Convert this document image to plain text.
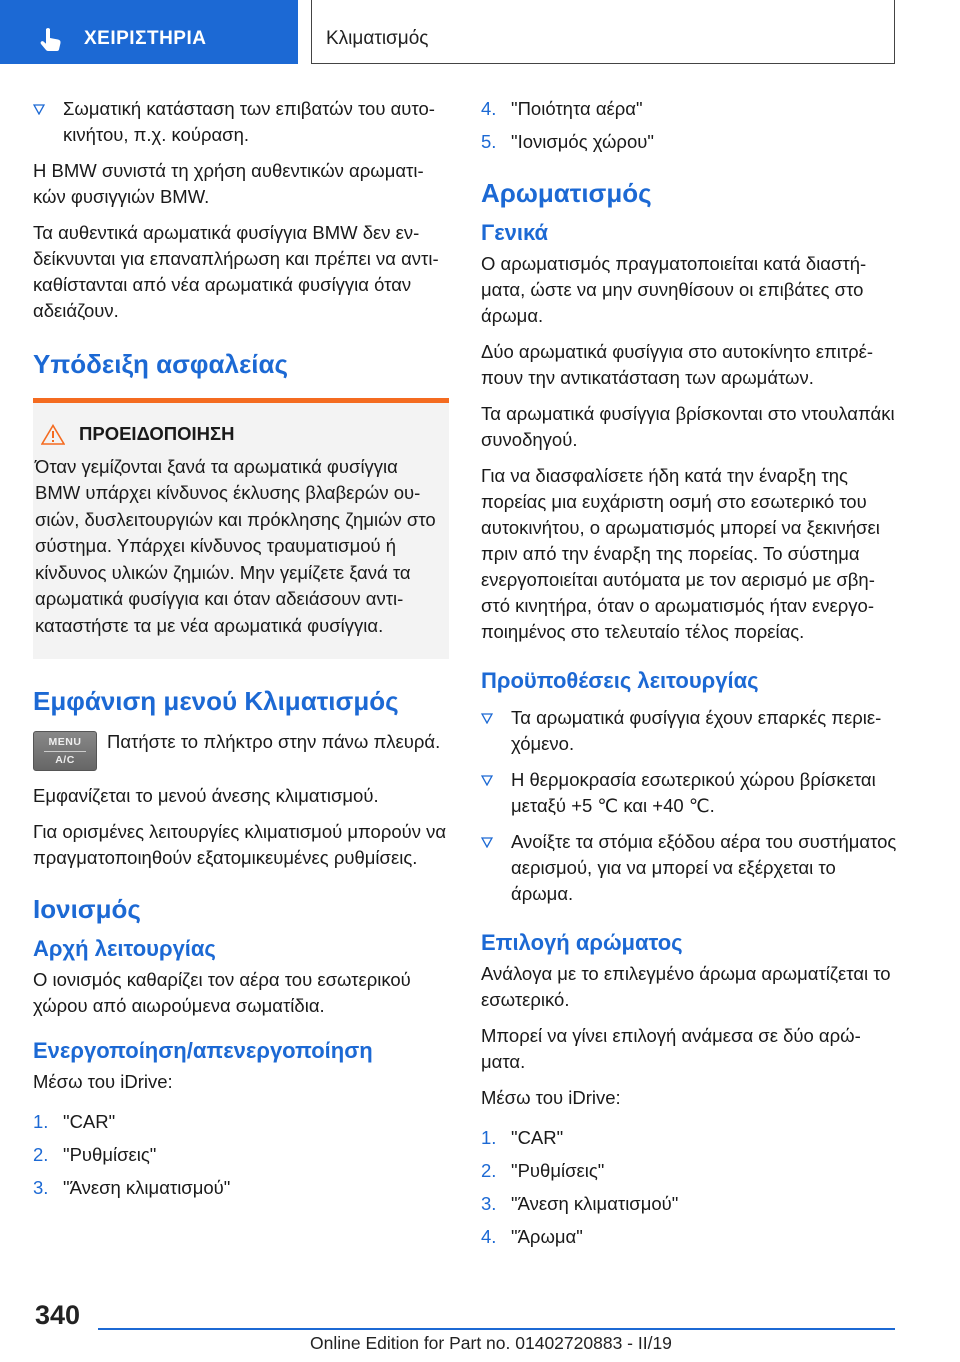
ΧΕΙΡΙΣΤΗΡΙΑ	Κλιματισμός
Σωματική κατάσταση των επιβατών του αυτοκινήτου, π.χ. κούραση.

Η BMW συνιστά τη χρήση αυθεντικών αρωματικών φυσιγγιών BMW.

Τα αυθεντικά αρωματικά φυσίγγια BMW δεν ενδείκνυνται για επαναπλήρωση και πρέπει να αντικαθίστανται από νέα αρωματικά φυσίγγια όταν αδειάζουν.

Υπόδειξη ασφαλείας
ΠΡΟΕΙΔΟΠΟΙΗΣΗ
Όταν γεμίζονται ξανά τα αρωματικά φυσίγγια BMW υπάρχει κίνδυνος έκλυσης βλαβερών ουσιών, δυσλειτουργιών και πρόκλησης ζημιών στο σύστημα. Υπάρχει κίνδυνος τραυματισμού ή κίνδυνος υλικών ζημιών. Μην γεμίζετε ξανά τα αρωματικά φυσίγγια και όταν αδειάσουν αντικαταστήστε τα με νέα αρωματικά φυσίγγια.
Εμφάνιση μενού Κλιματισμός
MENU
A/C
Πατήστε το πλήκτρο στην πάνω πλευρά.

Εμφανίζεται το μενού άνεσης κλιματισμού.

Για ορισμένες λειτουργίες κλιματισμού μπορούν να πραγματοποιηθούν εξατομικευμένες ρυθμίσεις.

Ιονισμός
Αρχή λειτουργίας

Ο ιονισμός καθαρίζει τον αέρα του εσωτερικού χώρου από αιωρούμενα σωματίδια.

Ενεργοποίηση/απενεργοποίηση

Μέσω του iDrive:

1. "CAR"
2. "Ρυθμίσεις"
3. "Άνεση κλιματισμού"
4. "Ποιότητα αέρα"
5. "Ιονισμός χώρου"
Αρωματισμός
Γενικά

Ο αρωματισμός πραγματοποιείται κατά διαστήματα, ώστε να μην συνηθίσουν οι επιβάτες στο άρωμα.

Δύο αρωματικά φυσίγγια στο αυτοκίνητο επιτρέπουν την αντικατάσταση των αρωμάτων.

Τα αρωματικά φυσίγγια βρίσκονται στο ντουλαπάκι συνοδηγού.

Για να διασφαλίσετε ήδη κατά την έναρξη της πορείας μια ευχάριστη οσμή στο εσωτερικό του αυτοκινήτου, ο αρωματισμός μπορεί να ξεκινήσει πριν από την έναρξη της πορείας. Το σύστημα ενεργοποιείται αυτόματα με τον αερισμό με σβηστό κινητήρα, όταν ο αρωματισμός ήταν ενεργοποιημένος στο τελευταίο τέλος πορείας.

Προϋποθέσεις λειτουργίας
Τα αρωματικά φυσίγγια έχουν επαρκές περιεχόμενο.
Η θερμοκρασία εσωτερικού χώρου βρίσκεται μεταξύ +5 ℃ και +40 ℃.
Ανοίξτε τα στόμια εξόδου αέρα του συστήματος αερισμού, για να μπορεί να εξέρχεται το άρωμα.
Επιλογή αρώματος

Ανάλογα με το επιλεγμένο άρωμα αρωματίζεται το εσωτερικό.

Μπορεί να γίνει επιλογή ανάμεσα σε δύο αρώματα.

Μέσω του iDrive:

1. "CAR"
2. "Ρυθμίσεις"
3. "Άνεση κλιματισμού"
4. "Άρωμα"
340
Online Edition for Part no. 01402720883 - II/19
